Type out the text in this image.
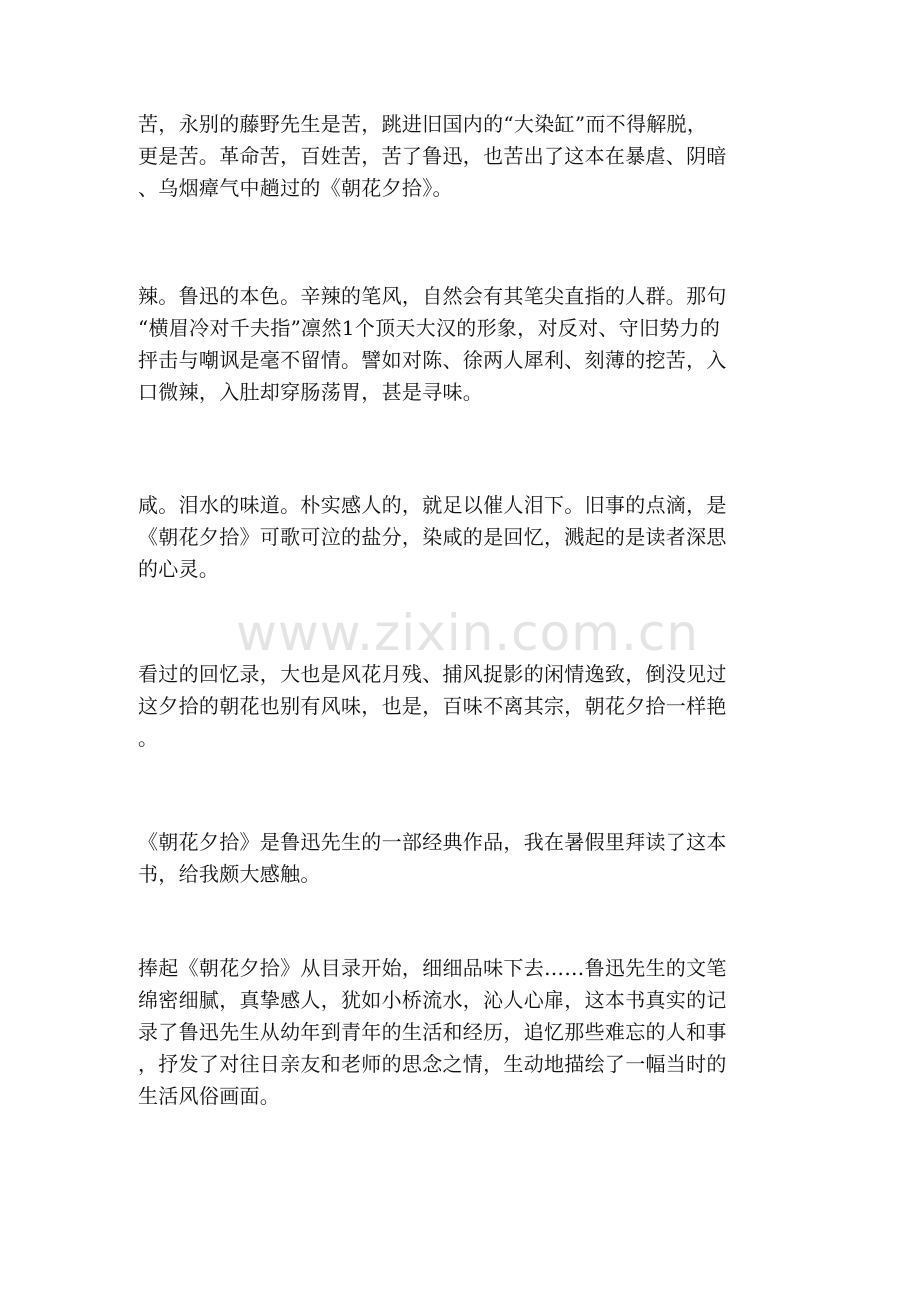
www.zixin.com.cn

苦，永别的藤野先生是苦，跳进旧国内的“大染缸”而不得解脱，
更是苦。革命苦，百姓苦，苦了鲁迅，也苦出了这本在暴虐、阴暗
、乌烟瘴气中趟过的《朝花夕拾》。

辣。鲁迅的本色。辛辣的笔风，自然会有其笔尖直指的人群。那句
“横眉冷对千夫指”凛然1个顶天大汉的形象，对反对、守旧势力的
抨击与嘲讽是毫不留情。譬如对陈、徐两人犀利、刻薄的挖苦，入
口微辣，入肚却穿肠荡胃，甚是寻味。

咸。泪水的味道。朴实感人的，就足以催人泪下。旧事的点滴，是
《朝花夕拾》可歌可泣的盐分，染咸的是回忆，溅起的是读者深思
的心灵。

看过的回忆录，大也是风花月残、捕风捉影的闲情逸致，倒没见过
这夕拾的朝花也别有风味，也是，百味不离其宗，朝花夕拾一样艳
。

《朝花夕拾》是鲁迅先生的一部经典作品，我在暑假里拜读了这本
书，给我颇大感触。

捧起《朝花夕拾》从目录开始，细细品味下去……鲁迅先生的文笔
绵密细腻，真挚感人，犹如小桥流水，沁人心扉，这本书真实的记
录了鲁迅先生从幼年到青年的生活和经历，追忆那些难忘的人和事
，抒发了对往日亲友和老师的思念之情，生动地描绘了一幅当时的
生活风俗画面。
